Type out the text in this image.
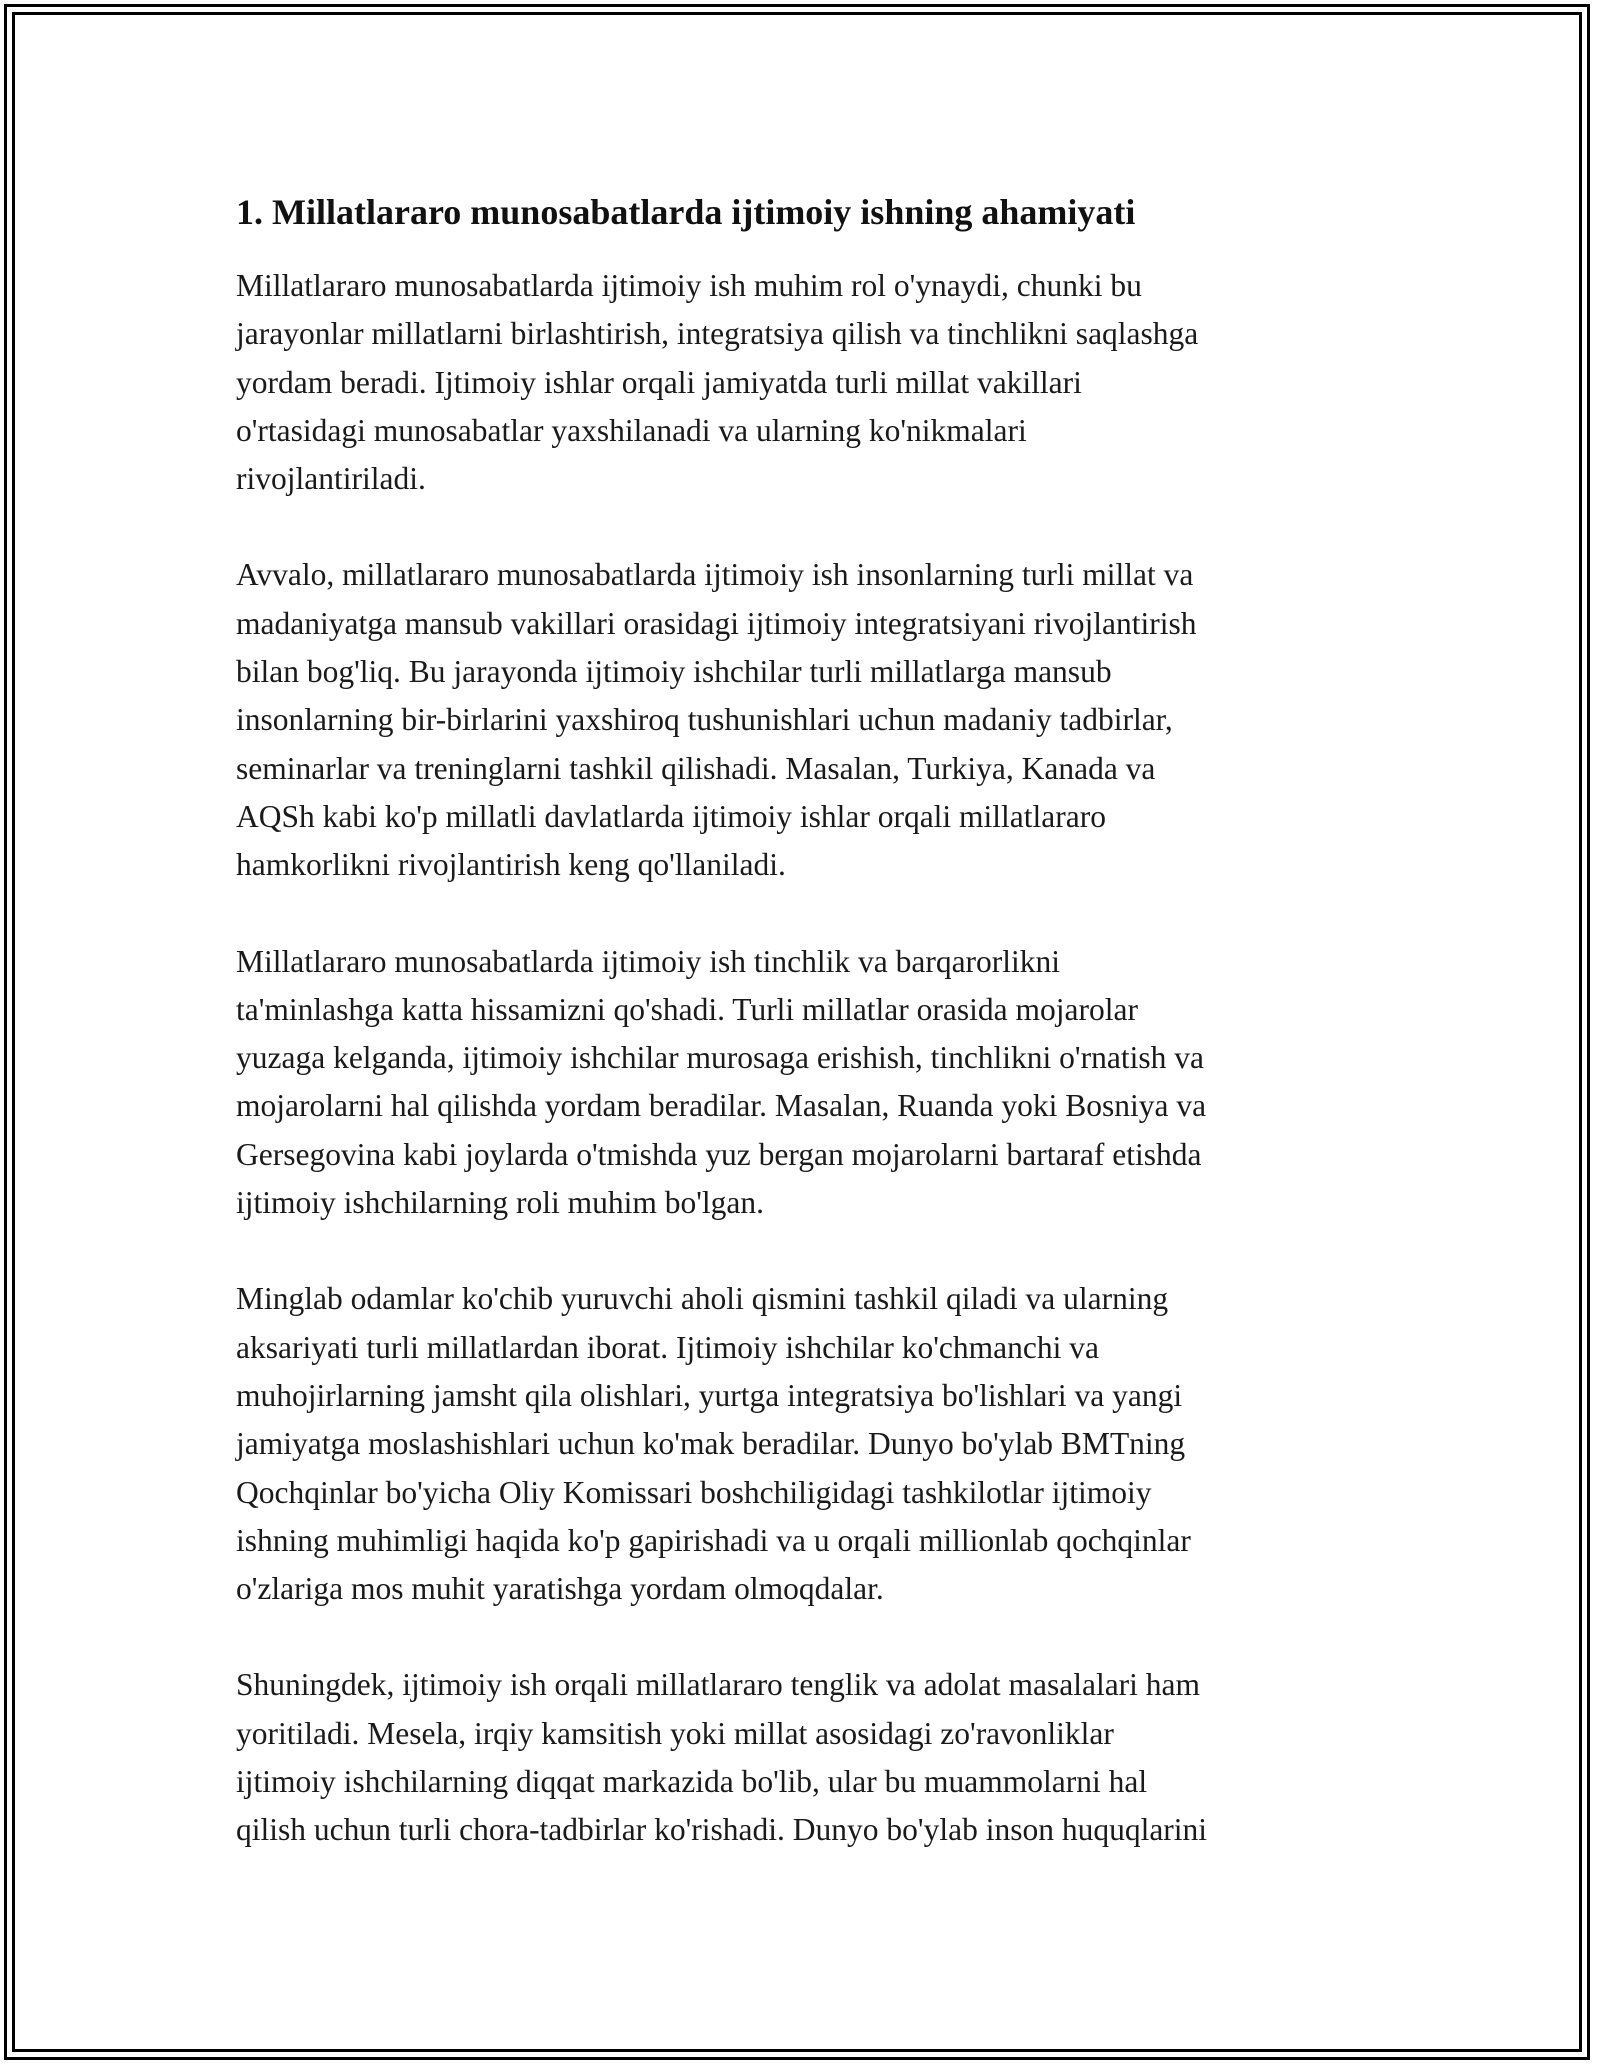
1. Millatlararo munosabatlarda ijtimoiy ishning ahamiyati

Millatlararo munosabatlarda ijtimoiy ish muhim rol o'ynaydi, chunki bu
jarayonlar millatlarni birlashtirish, integratsiya qilish va tinchlikni saqlashga
yordam beradi. Ijtimoiy ishlar orqali jamiyatda turli millat vakillari
o'rtasidagi munosabatlar yaxshilanadi va ularning ko'nikmalari
rivojlantiriladi.

Avvalo, millatlararo munosabatlarda ijtimoiy ish insonlarning turli millat va
madaniyatga mansub vakillari orasidagi ijtimoiy integratsiyani rivojlantirish
bilan bog'liq. Bu jarayonda ijtimoiy ishchilar turli millatlarga mansub
insonlarning bir-birlarini yaxshiroq tushunishlari uchun madaniy tadbirlar,
seminarlar va treninglarni tashkil qilishadi. Masalan, Turkiya, Kanada va
AQSh kabi ko'p millatli davlatlarda ijtimoiy ishlar orqali millatlararo
hamkorlikni rivojlantirish keng qo'llaniladi.

Millatlararo munosabatlarda ijtimoiy ish tinchlik va barqarorlikni
ta'minlashga katta hissamizni qo'shadi. Turli millatlar orasida mojarolar
yuzaga kelganda, ijtimoiy ishchilar murosaga erishish, tinchlikni o'rnatish va
mojarolarni hal qilishda yordam beradilar. Masalan, Ruanda yoki Bosniya va
Gersegovina kabi joylarda o'tmishda yuz bergan mojarolarni bartaraf etishda
ijtimoiy ishchilarning roli muhim bo'lgan.

Minglab odamlar ko'chib yuruvchi aholi qismini tashkil qiladi va ularning
aksariyati turli millatlardan iborat. Ijtimoiy ishchilar ko'chmanchi va
muhojirlarning jamsht qila olishlari, yurtga integratsiya bo'lishlari va yangi
jamiyatga moslashishlari uchun ko'mak beradilar. Dunyo bo'ylab BMTning
Qochqinlar bo'yicha Oliy Komissari boshchiligidagi tashkilotlar ijtimoiy
ishning muhimligi haqida ko'p gapirishadi va u orqali millionlab qochqinlar
o'zlariga mos muhit yaratishga yordam olmoqdalar.

Shuningdek, ijtimoiy ish orqali millatlararo tenglik va adolat masalalari ham
yoritiladi. Mesela, irqiy kamsitish yoki millat asosidagi zo'ravonliklar
ijtimoiy ishchilarning diqqat markazida bo'lib, ular bu muammolarni hal
qilish uchun turli chora-tadbirlar ko'rishadi. Dunyo bo'ylab inson huquqlarini
